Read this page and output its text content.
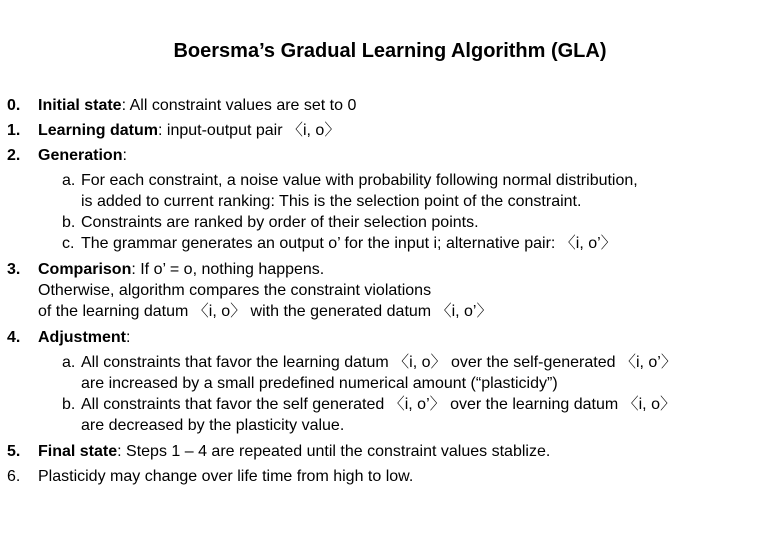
Boersma’s Gradual Learning Algorithm (GLA)
0. Initial state: All constraint values are set to 0
1. Learning datum: input-output pair 〈i, o〉
2. Generation:
a. For each constraint, a noise value with probability following normal distribution,
is added to current ranking: This is the selection point of the constraint.
b. Constraints are ranked by order of their selection points.
c. The grammar generates an output o’ for the input i; alternative pair: 〈i, o’〉
3. Comparison: If o’ = o, nothing happens.
Otherwise, algorithm compares the constraint violations
of the learning datum 〈i, o〉 with the generated datum 〈i, o’〉
4. Adjustment:
a. All constraints that favor the learning datum 〈i, o〉 over the self-generated 〈i, o’〉
are increased by a small predefined numerical amount (“plasticidy”)
b. All constraints that favor the self generated 〈i, o’〉 over the learning datum 〈i, o〉
are decreased by the plasticity value.
5. Final state: Steps 1 – 4 are repeated until the constraint values stablize.
6. Plasticidy may change over life time from high to low.
